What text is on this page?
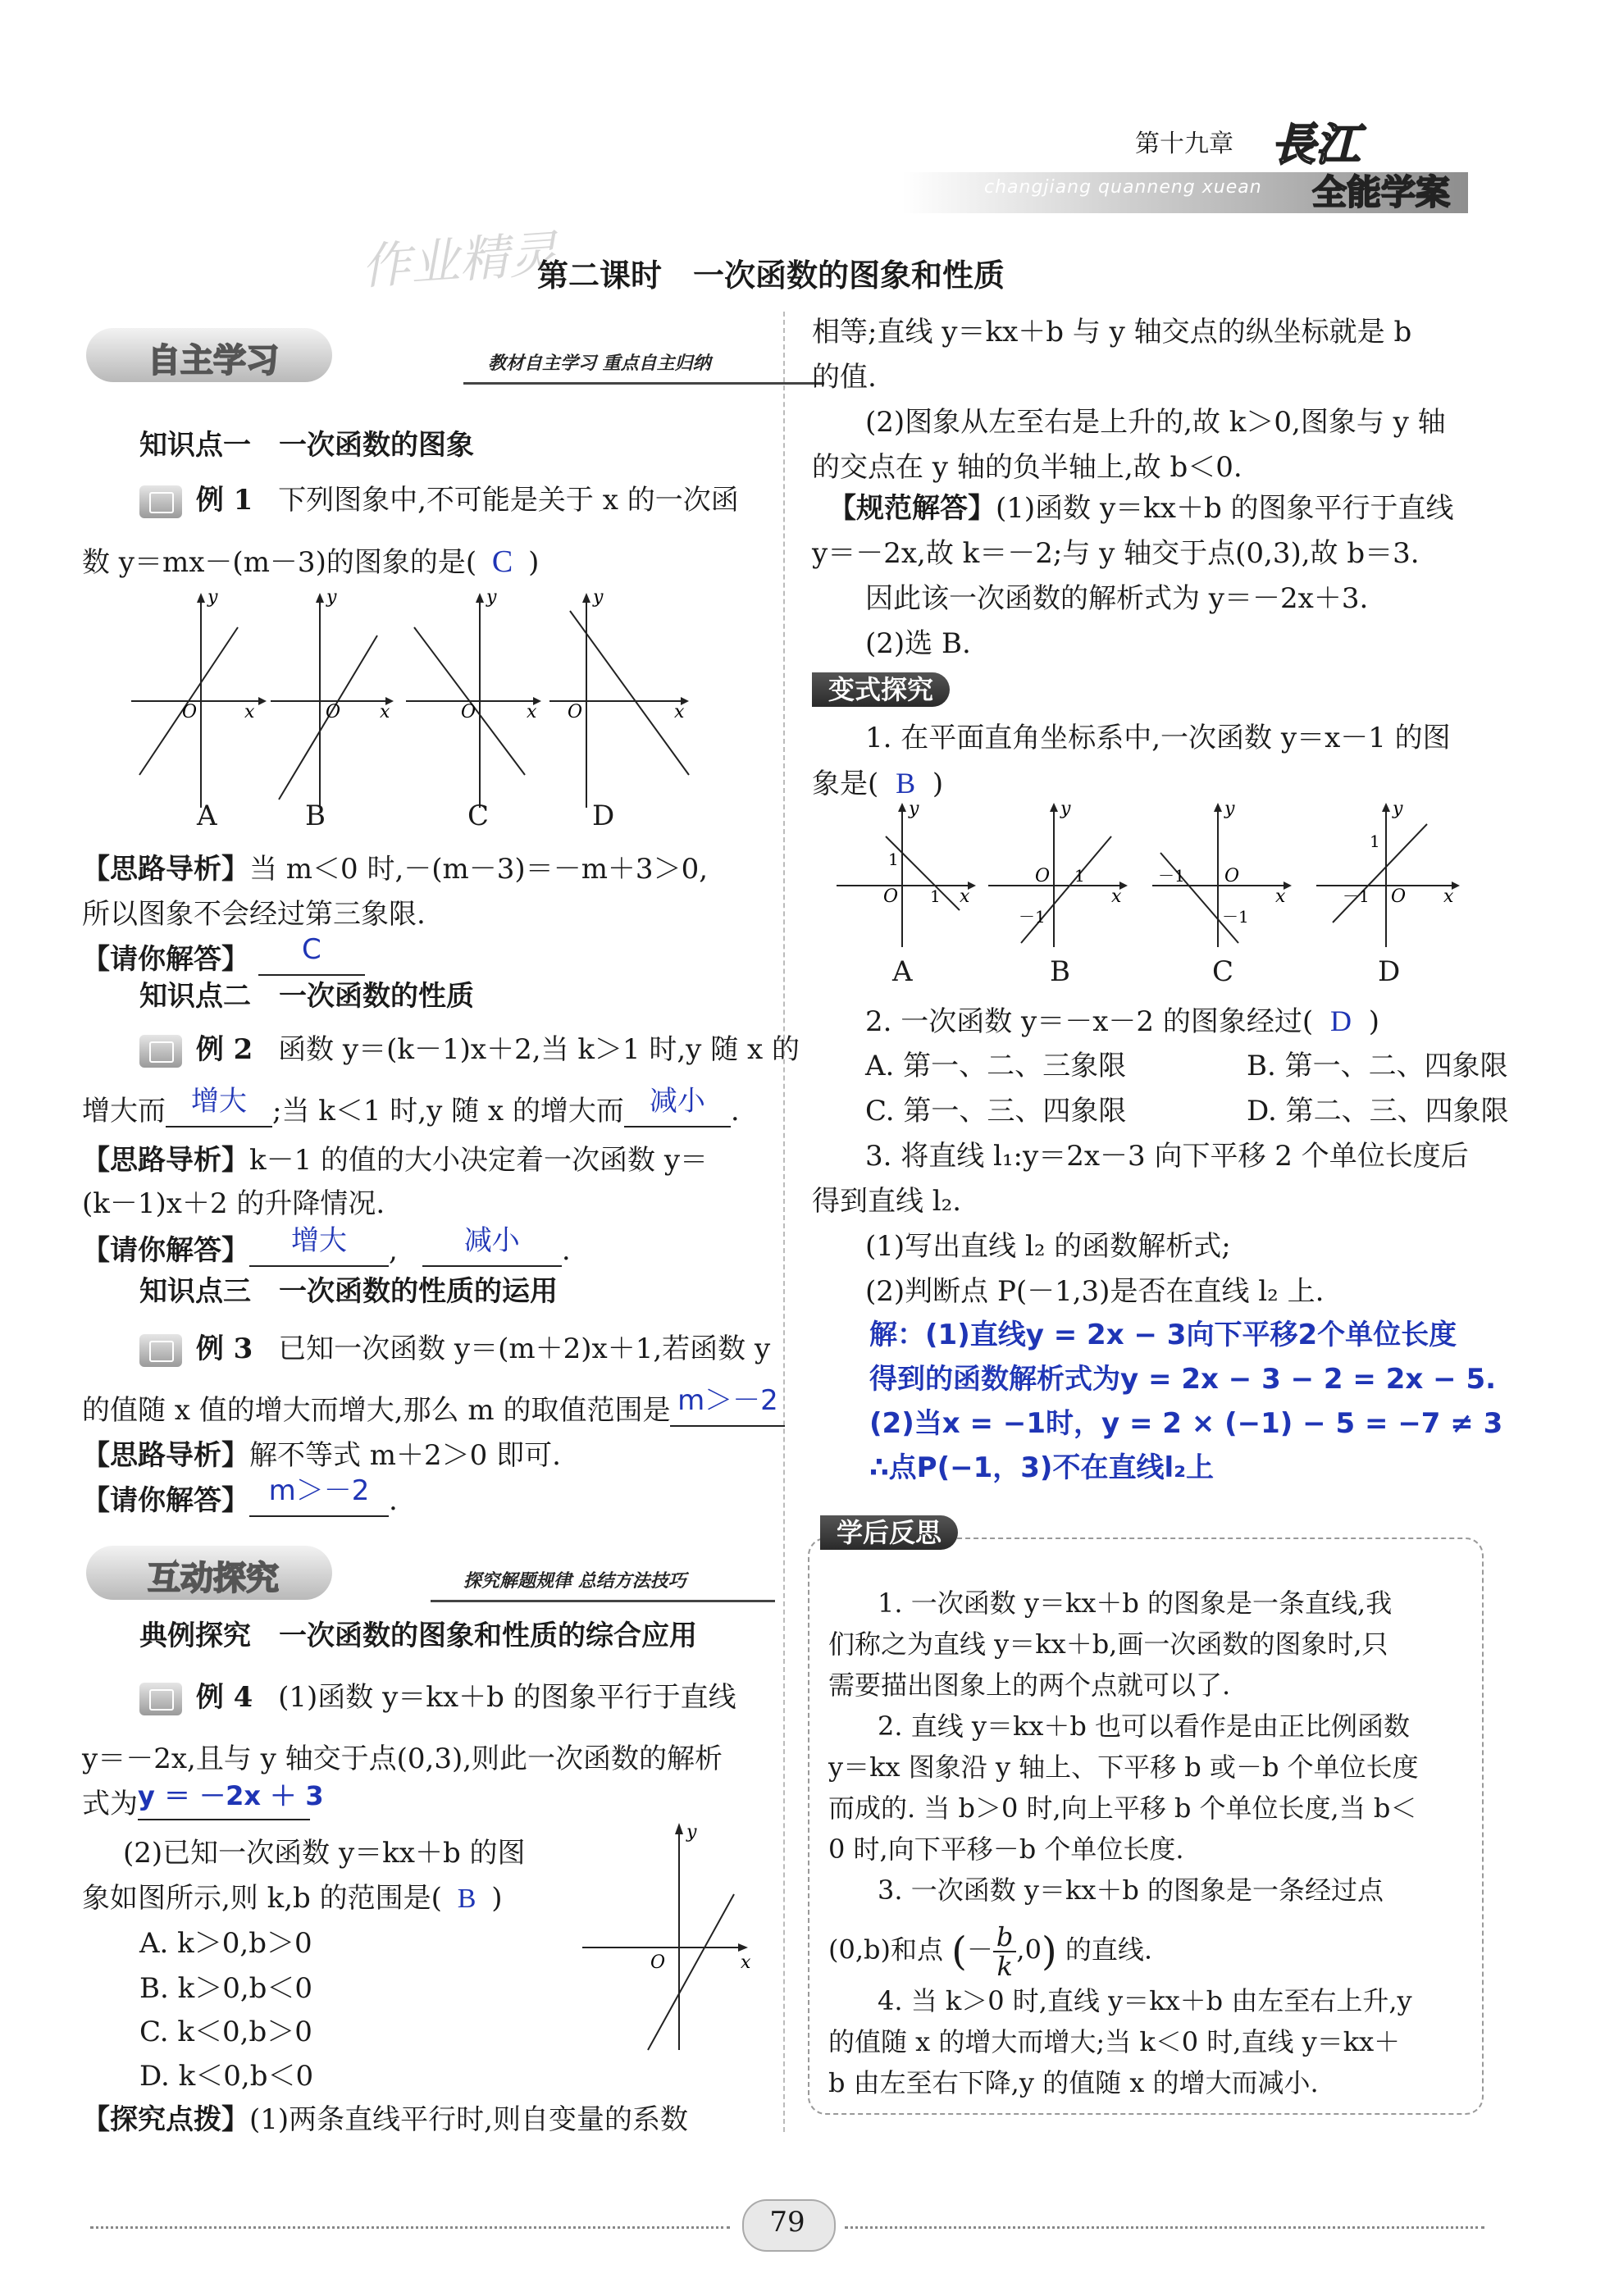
第十九章
changjiang quanneng xuean
長江
全能学案
作业精灵
第二课时　一次函数的图象和性质
自主学习	教材自主学习 重点自主归纳
知识点一　一次函数的图象
例 1 下列图象中,不可能是关于 x 的一次函
数 y＝mx－(m－3)的图象的是( C )
y
x
O
y
x
O
y
x
O
y
x
O
A	B	C	D
【思路导析】当 m＜0 时,－(m－3)＝－m＋3＞0,
所以图象不会经过第三象限.
【请你解答】 C
知识点二　一次函数的性质
例 2 函数 y＝(k－1)x＋2,当 k＞1 时,y 随 x 的
增大而 增大 ;当 k＜1 时,y 随 x 的增大而 减小 .
【思路导析】k－1 的值的大小决定着一次函数 y＝
(k－1)x＋2 的升降情况.
【请你解答】 增大 , 减小 .
知识点三　一次函数的性质的运用
例 3 已知一次函数 y＝(m＋2)x＋1,若函数 y
的值随 x 值的增大而增大,那么 m 的取值范围是 m＞－2
【思路导析】解不等式 m＋2＞0 即可.
【请你解答】 m＞－2 .
互动探究	探究解题规律 总结方法技巧
典例探究　一次函数的图象和性质的综合应用
例 4 (1)函数 y＝kx＋b 的图象平行于直线
y＝－2x,且与 y 轴交于点(0,3),则此一次函数的解析
式为y ＝ －2x ＋ 3
(2)已知一次函数 y＝kx＋b 的图
象如图所示,则 k,b 的范围是( B )
A. k＞0,b＞0
B. k＞0,b＜0
C. k＜0,b＞0
D. k＜0,b＜0
y
x
O
【探究点拨】(1)两条直线平行时,则自变量的系数
相等;直线 y＝kx＋b 与 y 轴交点的纵坐标就是 b
的值.
(2)图象从左至右是上升的,故 k＞0,图象与 y 轴
的交点在 y 轴的负半轴上,故 b＜0.
【规范解答】(1)函数 y＝kx＋b 的图象平行于直线
y＝－2x,故 k＝－2;与 y 轴交于点(0,3),故 b＝3.
因此该一次函数的解析式为 y＝－2x＋3.
(2)选 B.
变式探究
1. 在平面直角坐标系中,一次函数 y＝x－1 的图
象是( B )
y
x
O
1
1
y
x
O
－1
1
y
x
O
－1
－1
y
x
O
－1
1
A	B	C	D
2. 一次函数 y＝－x－2 的图象经过( D )
A. 第一、二、三象限	B. 第一、二、四象限
C. 第一、三、四象限	D. 第二、三、四象限
3. 将直线 l₁:y＝2x－3 向下平移 2 个单位长度后
得到直线 l₂.
(1)写出直线 l₂ 的函数解析式;
(2)判断点 P(－1,3)是否在直线 l₂ 上.
解：(1)直线y = 2x − 3向下平移2个单位长度
得到的函数解析式为y = 2x − 3 − 2 = 2x − 5.
(2)当x = −1时，y = 2 × (−1) − 5 = −7 ≠ 3
∴点P(−1，3)不在直线l₂上
学后反思
1. 一次函数 y＝kx＋b 的图象是一条直线,我
们称之为直线 y＝kx＋b,画一次函数的图象时,只
需要描出图象上的两个点就可以了.
2. 直线 y＝kx＋b 也可以看作是由正比例函数
y＝kx 图象沿 y 轴上、下平移 b 或－b 个单位长度
而成的. 当 b＞0 时,向上平移 b 个单位长度,当 b＜
0 时,向下平移－b 个单位长度.
3. 一次函数 y＝kx＋b 的图象是一条经过点
(0,b)和点 (－ $\frac{b}{k} ,0$) 的直线.
4. 当 k＞0 时,直线 y＝kx＋b 由左至右上升,y
的值随 x 的增大而增大;当 k＜0 时,直线 y＝kx＋
b 由左至右下降,y 的值随 x 的增大而减小.
79
